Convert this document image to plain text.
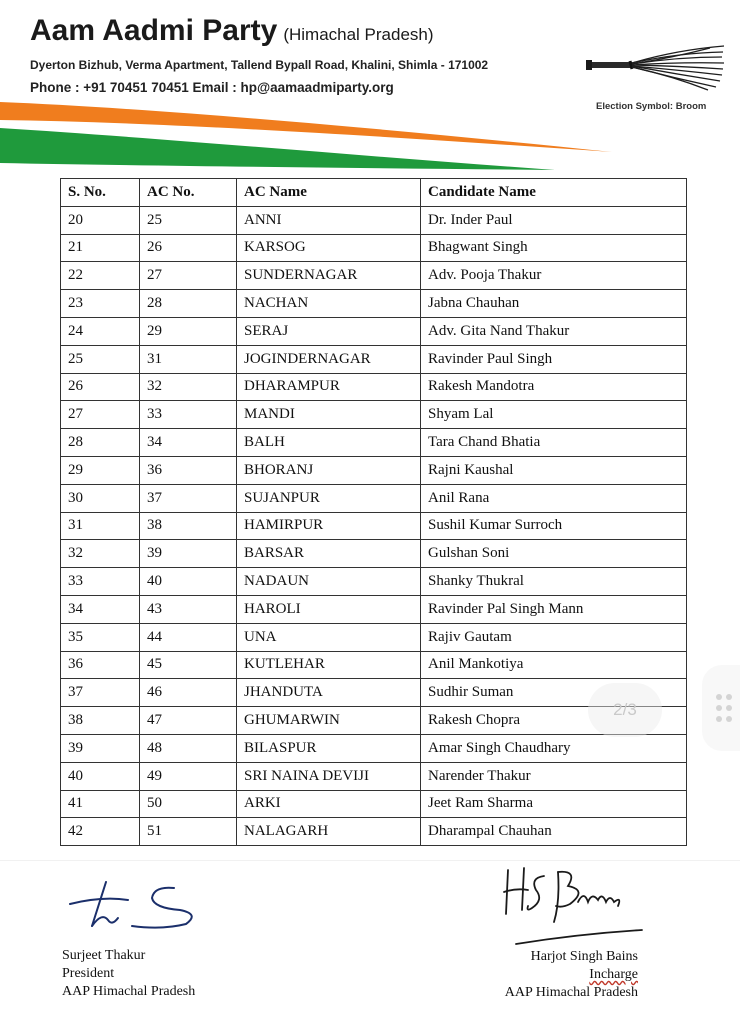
Aam Aadmi Party (Himachal Pradesh)
Dyerton Bizhub, Verma Apartment, Tallend Bypall Road, Khalini, Shimla - 171002
Phone : +91 70451 70451 Email : hp@aamaadmiparty.org
Election Symbol: Broom
S. No.	AC No.	AC Name	Candidate Name
20	25	ANNI	Dr. Inder Paul
21	26	KARSOG	Bhagwant Singh
22	27	SUNDERNAGAR	Adv. Pooja Thakur
23	28	NACHAN	Jabna Chauhan
24	29	SERAJ	Adv. Gita Nand Thakur
25	31	JOGINDERNAGAR	Ravinder Paul Singh
26	32	DHARAMPUR	Rakesh Mandotra
27	33	MANDI	Shyam Lal
28	34	BALH	Tara Chand Bhatia
29	36	BHORANJ	Rajni Kaushal
30	37	SUJANPUR	Anil Rana
31	38	HAMIRPUR	Sushil Kumar Surroch
32	39	BARSAR	Gulshan Soni
33	40	NADAUN	Shanky Thukral
34	43	HAROLI	Ravinder Pal Singh Mann
35	44	UNA	Rajiv Gautam
36	45	KUTLEHAR	Anil Mankotiya
37	46	JHANDUTA	Sudhir Suman
38	47	GHUMARWIN	Rakesh Chopra
39	48	BILASPUR	Amar Singh Chaudhary
40	49	SRI NAINA DEVIJI	Narender Thakur
41	50	ARKI	Jeet Ram Sharma
42	51	NALAGARH	Dharampal Chauhan
2/3
Surjeet Thakur
President
AAP Himachal Pradesh
Harjot Singh Bains
Incharge
AAP Himachal Pradesh
